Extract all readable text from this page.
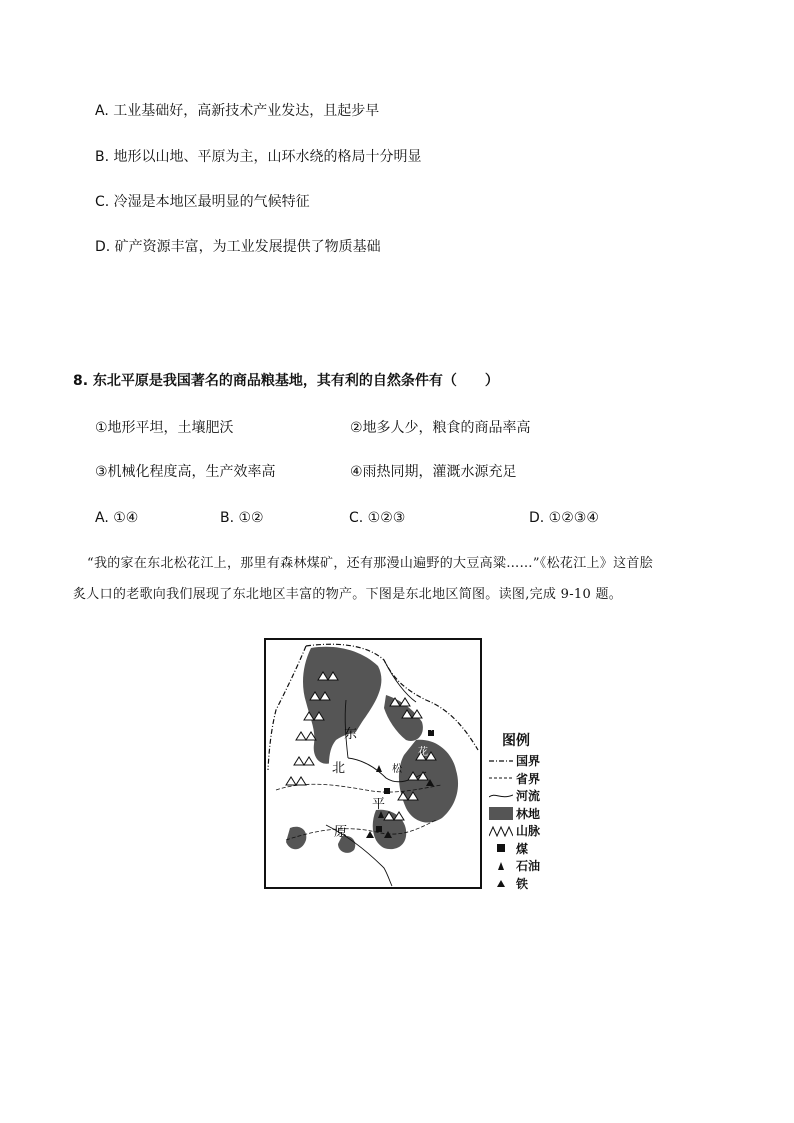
A. 工业基础好，高新技术产业发达，且起步早
B. 地形以山地、平原为主，山环水绕的格局十分明显
C. 冷湿是本地区最明显的气候特征
D. 矿产资源丰富，为工业发展提供了物质基础
8. 东北平原是我国著名的商品粮基地，其有利的自然条件有（　　）
①地形平坦，土壤肥沃	②地多人少，粮食的商品率高
③机械化程度高，生产效率高	④雨热同期，灌溉水源充足
A. ①④	B. ①②	C. ①②③	D. ①②③④
“我的家在东北松花江上，那里有森林煤矿，还有那漫山遍野的大豆高粱……”《松花江上》这首脍
炙人口的老歌向我们展现了东北地区丰富的物产。下图是东北地区简图。读图,完成 9-10 题。
东
北
平
原
松
花
江
图例
国界
省界
河流
林地
山脉
煤
石油
铁
